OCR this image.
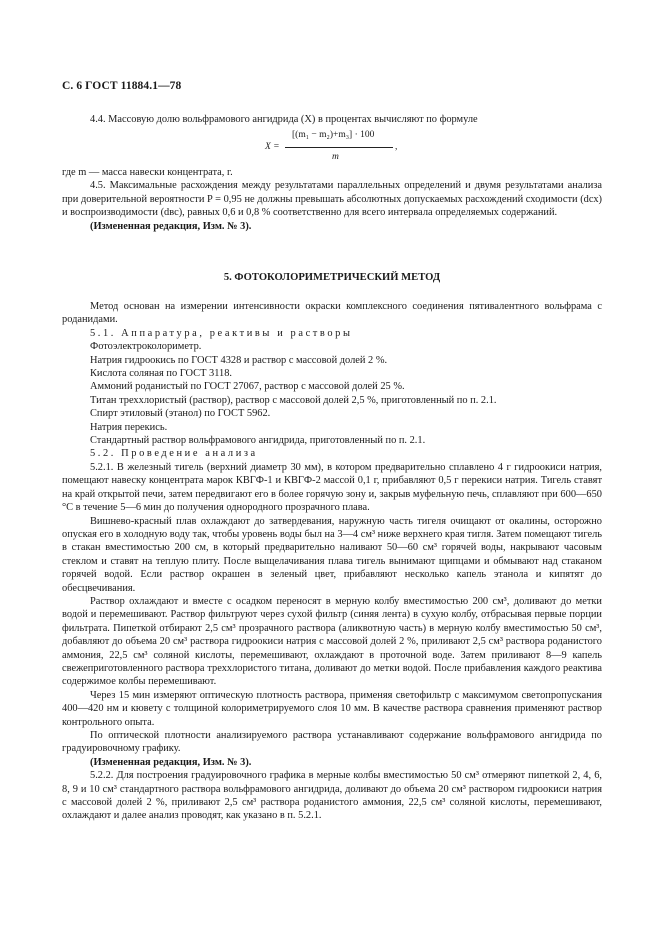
С. 6 ГОСТ 11884.1—78

4.4. Массовую долю вольфрамового ангидрида (X) в процентах вычисляют по формуле

X =
[(m₁ − m₂)+m₃] · 100
,
m

где m — масса навески концентрата, г.

4.5. Максимальные расхождения между результатами параллельных определений и двумя результатами анализа при доверительной вероятности P = 0,95 не должны превышать абсолютных допускаемых расхождений сходимости (dсх) и воспроизводимости (dвс), равных 0,6 и 0,8 % соответственно для всего интервала определяемых содержаний.

(Измененная редакция, Изм. № 3).

5. ФОТОКОЛОРИМЕТРИЧЕСКИЙ МЕТОД

Метод основан на измерении интенсивности окраски комплексного соединения пятивалентного вольфрама с роданидами.

5.1. Аппаратура, реактивы и растворы

Фотоэлектроколориметр.

Натрия гидроокись по ГОСТ 4328 и раствор с массовой долей 2 %.

Кислота соляная по ГОСТ 3118.

Аммоний роданистый по ГОСТ 27067, раствор с массовой долей 25 %.

Титан треххлористый (раствор), раствор с массовой долей 2,5 %, приготовленный по п. 2.1.

Спирт этиловый (этанол) по ГОСТ 5962.

Натрия перекись.

Стандартный раствор вольфрамового ангидрида, приготовленный по п. 2.1.

5.2. Проведение анализа

5.2.1. В железный тигель (верхний диаметр 30 мм), в котором предварительно сплавлено 4 г гидроокиси натрия, помещают навеску концентрата марок КВГФ-1 и КВГФ-2 массой 0,1 г, прибавляют 0,5 г перекиси натрия. Тигель ставят на край открытой печи, затем передвигают его в более горячую зону и, закрыв муфельную печь, сплавляют при 600—650 °С в течение 5—6 мин до получения однородного прозрачного плава.

Вишнево-красный плав охлаждают до затвердевания, наружную часть тигеля очищают от окалины, осторожно опуская его в холодную воду так, чтобы уровень воды был на 3—4 см³ ниже верхнего края тигля. Затем помещают тигель в стакан вместимостью 200 см, в который предварительно наливают 50—60 см³ горячей воды, накрывают часовым стеклом и ставят на теплую плиту. После выщелачивания плава тигель вынимают щипцами и обмывают над стаканом горячей водой. Если раствор окрашен в зеленый цвет, прибавляют несколько капель этанола и кипятят до обесцвечивания.

Раствор охлаждают и вместе с осадком переносят в мерную колбу вместимостью 200 см³, доливают до метки водой и перемешивают. Раствор фильтруют через сухой фильтр (синяя лента) в сухую колбу, отбрасывая первые порции фильтрата. Пипеткой отбирают 2,5 см³ прозрачного раствора (аликвотную часть) в мерную колбу вместимостью 50 см³, добавляют до объема 20 см³ раствора гидроокиси натрия с массовой долей 2 %, приливают 2,5 см³ раствора роданистого аммония, 22,5 см³ соляной кислоты, перемешивают, охлаждают в проточной воде. Затем приливают 8—9 капель свежеприготовленного раствора треххлористого титана, доливают до метки водой. После прибавления каждого реактива содержимое колбы перемешивают.

Через 15 мин измеряют оптическую плотность раствора, применяя светофильтр с максимумом светопропускания 400—420 нм и кювету с толщиной колориметрируемого слоя 10 мм. В качестве раствора сравнения применяют раствор контрольного опыта.

По оптической плотности анализируемого раствора устанавливают содержание вольфрамового ангидрида по градуировочному графику.

(Измененная редакция, Изм. № 3).

5.2.2. Для построения градуировочного графика в мерные колбы вместимостью 50 см³ отмеряют пипеткой 2, 4, 6, 8, 9 и 10 см³ стандартного раствора вольфрамового ангидрида, доливают до объема 20 см³ раствором гидроокиси натрия с массовой долей 2 %, приливают 2,5 см³ раствора роданистого аммония, 22,5 см³ соляной кислоты, перемешивают, охлаждают и далее анализ проводят, как указано в п. 5.2.1.
